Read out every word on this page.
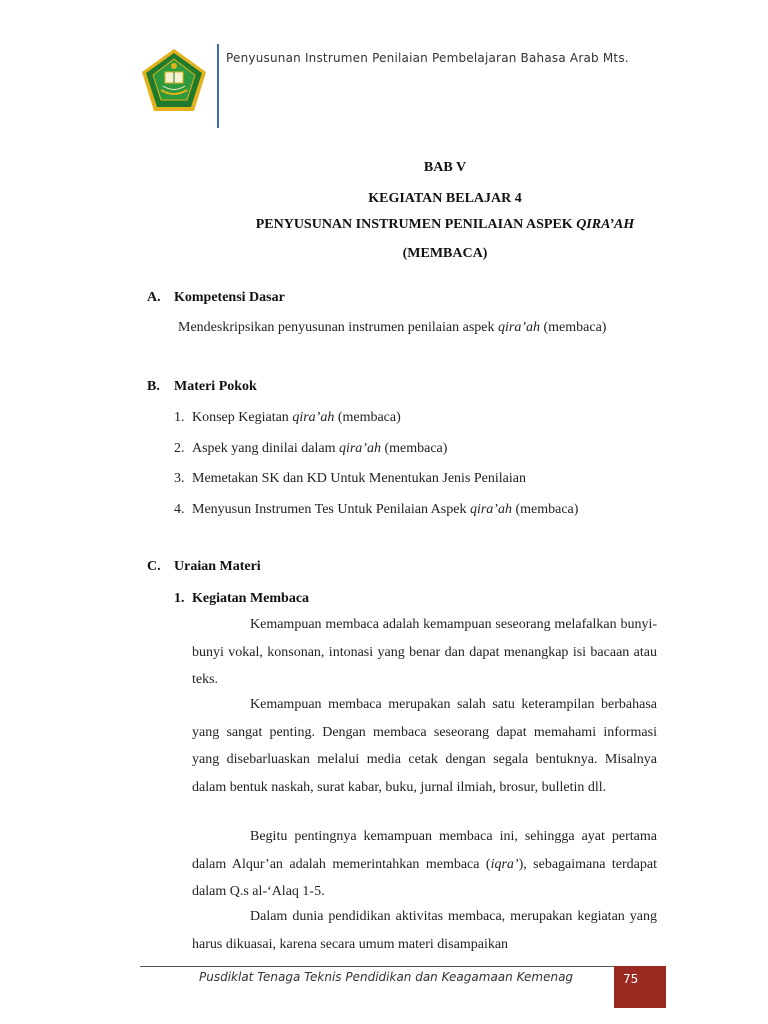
Penyusunan Instrumen Penilaian Pembelajaran Bahasa Arab Mts.
BAB V
KEGIATAN BELAJAR 4
PENYUSUNAN INSTRUMEN PENILAIAN ASPEK QIRA’AH
(MEMBACA)
A. Kompetensi Dasar
Mendeskripsikan penyusunan instrumen penilaian aspek qira’ah (membaca)
B. Materi Pokok
1. Konsep Kegiatan qira’ah (membaca)
2. Aspek yang dinilai dalam qira’ah (membaca)
3. Memetakan SK dan KD Untuk Menentukan Jenis Penilaian
4. Menyusun Instrumen Tes Untuk Penilaian Aspek qira’ah (membaca)
C. Uraian Materi
1. Kegiatan Membaca
Kemampuan membaca adalah kemampuan seseorang melafalkan bunyi-bunyi vokal, konsonan, intonasi yang benar dan dapat menangkap isi bacaan atau teks.
Kemampuan membaca merupakan salah satu keterampilan berbahasa yang sangat penting. Dengan membaca seseorang dapat memahami informasi yang disebarluaskan melalui media cetak dengan segala bentuknya. Misalnya dalam bentuk naskah, surat kabar, buku, jurnal ilmiah, brosur, bulletin dll.
Begitu pentingnya kemampuan membaca ini, sehingga ayat pertama dalam Alqur’an adalah memerintahkan membaca (iqra’), sebagaimana terdapat dalam Q.s al-‘Alaq 1-5.
Dalam dunia pendidikan aktivitas membaca, merupakan kegiatan yang harus dikuasai, karena secara umum materi disampaikan
Pusdiklat Tenaga Teknis Pendidikan dan Keagamaan Kemenag	75
